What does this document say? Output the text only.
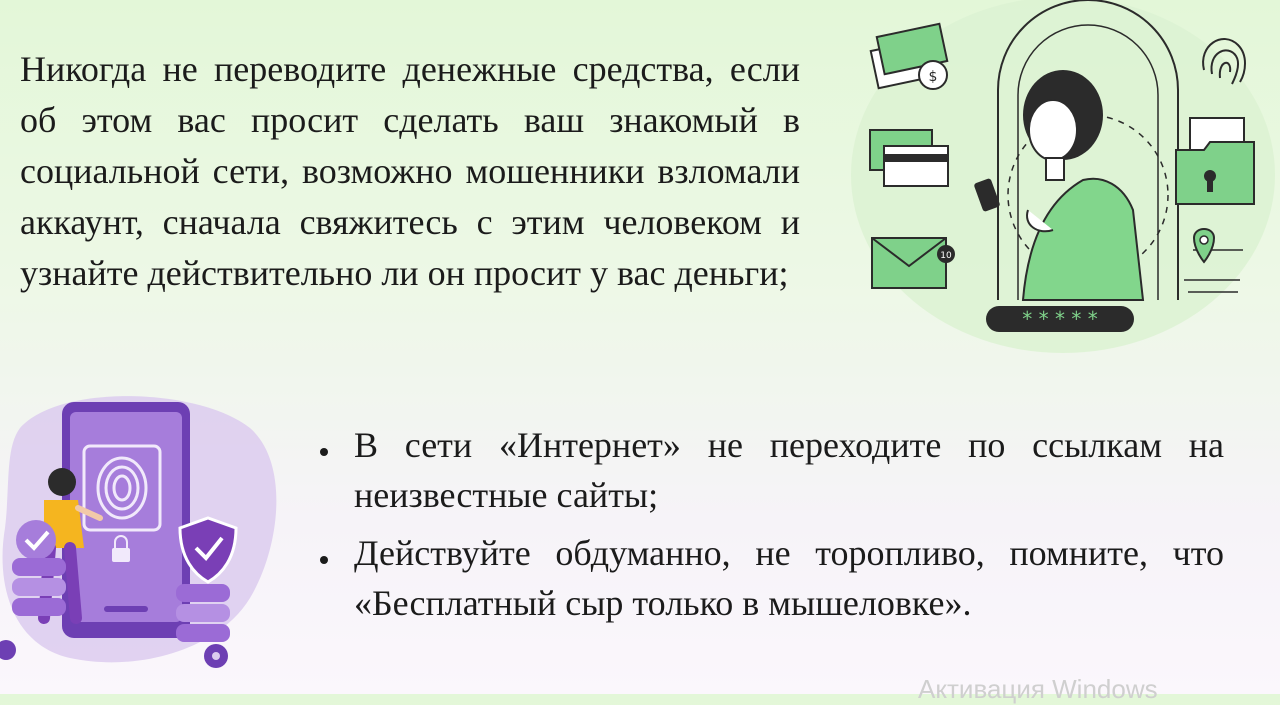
Никогда не переводите денежные средства, если об этом вас просит сделать ваш знакомый в социальной сети, возможно мошенники взломали аккаунт, сначала свяжитесь с этим человеком и узнайте действительно ли он просит у вас деньги;

* * * * *
$
10
В сети «Интернет» не переходите по ссылкам на неизвестные сайты;
Действуйте обдуманно, не торопливо, помните, что «Бесплатный сыр только в мышеловке».
Активация Windows
